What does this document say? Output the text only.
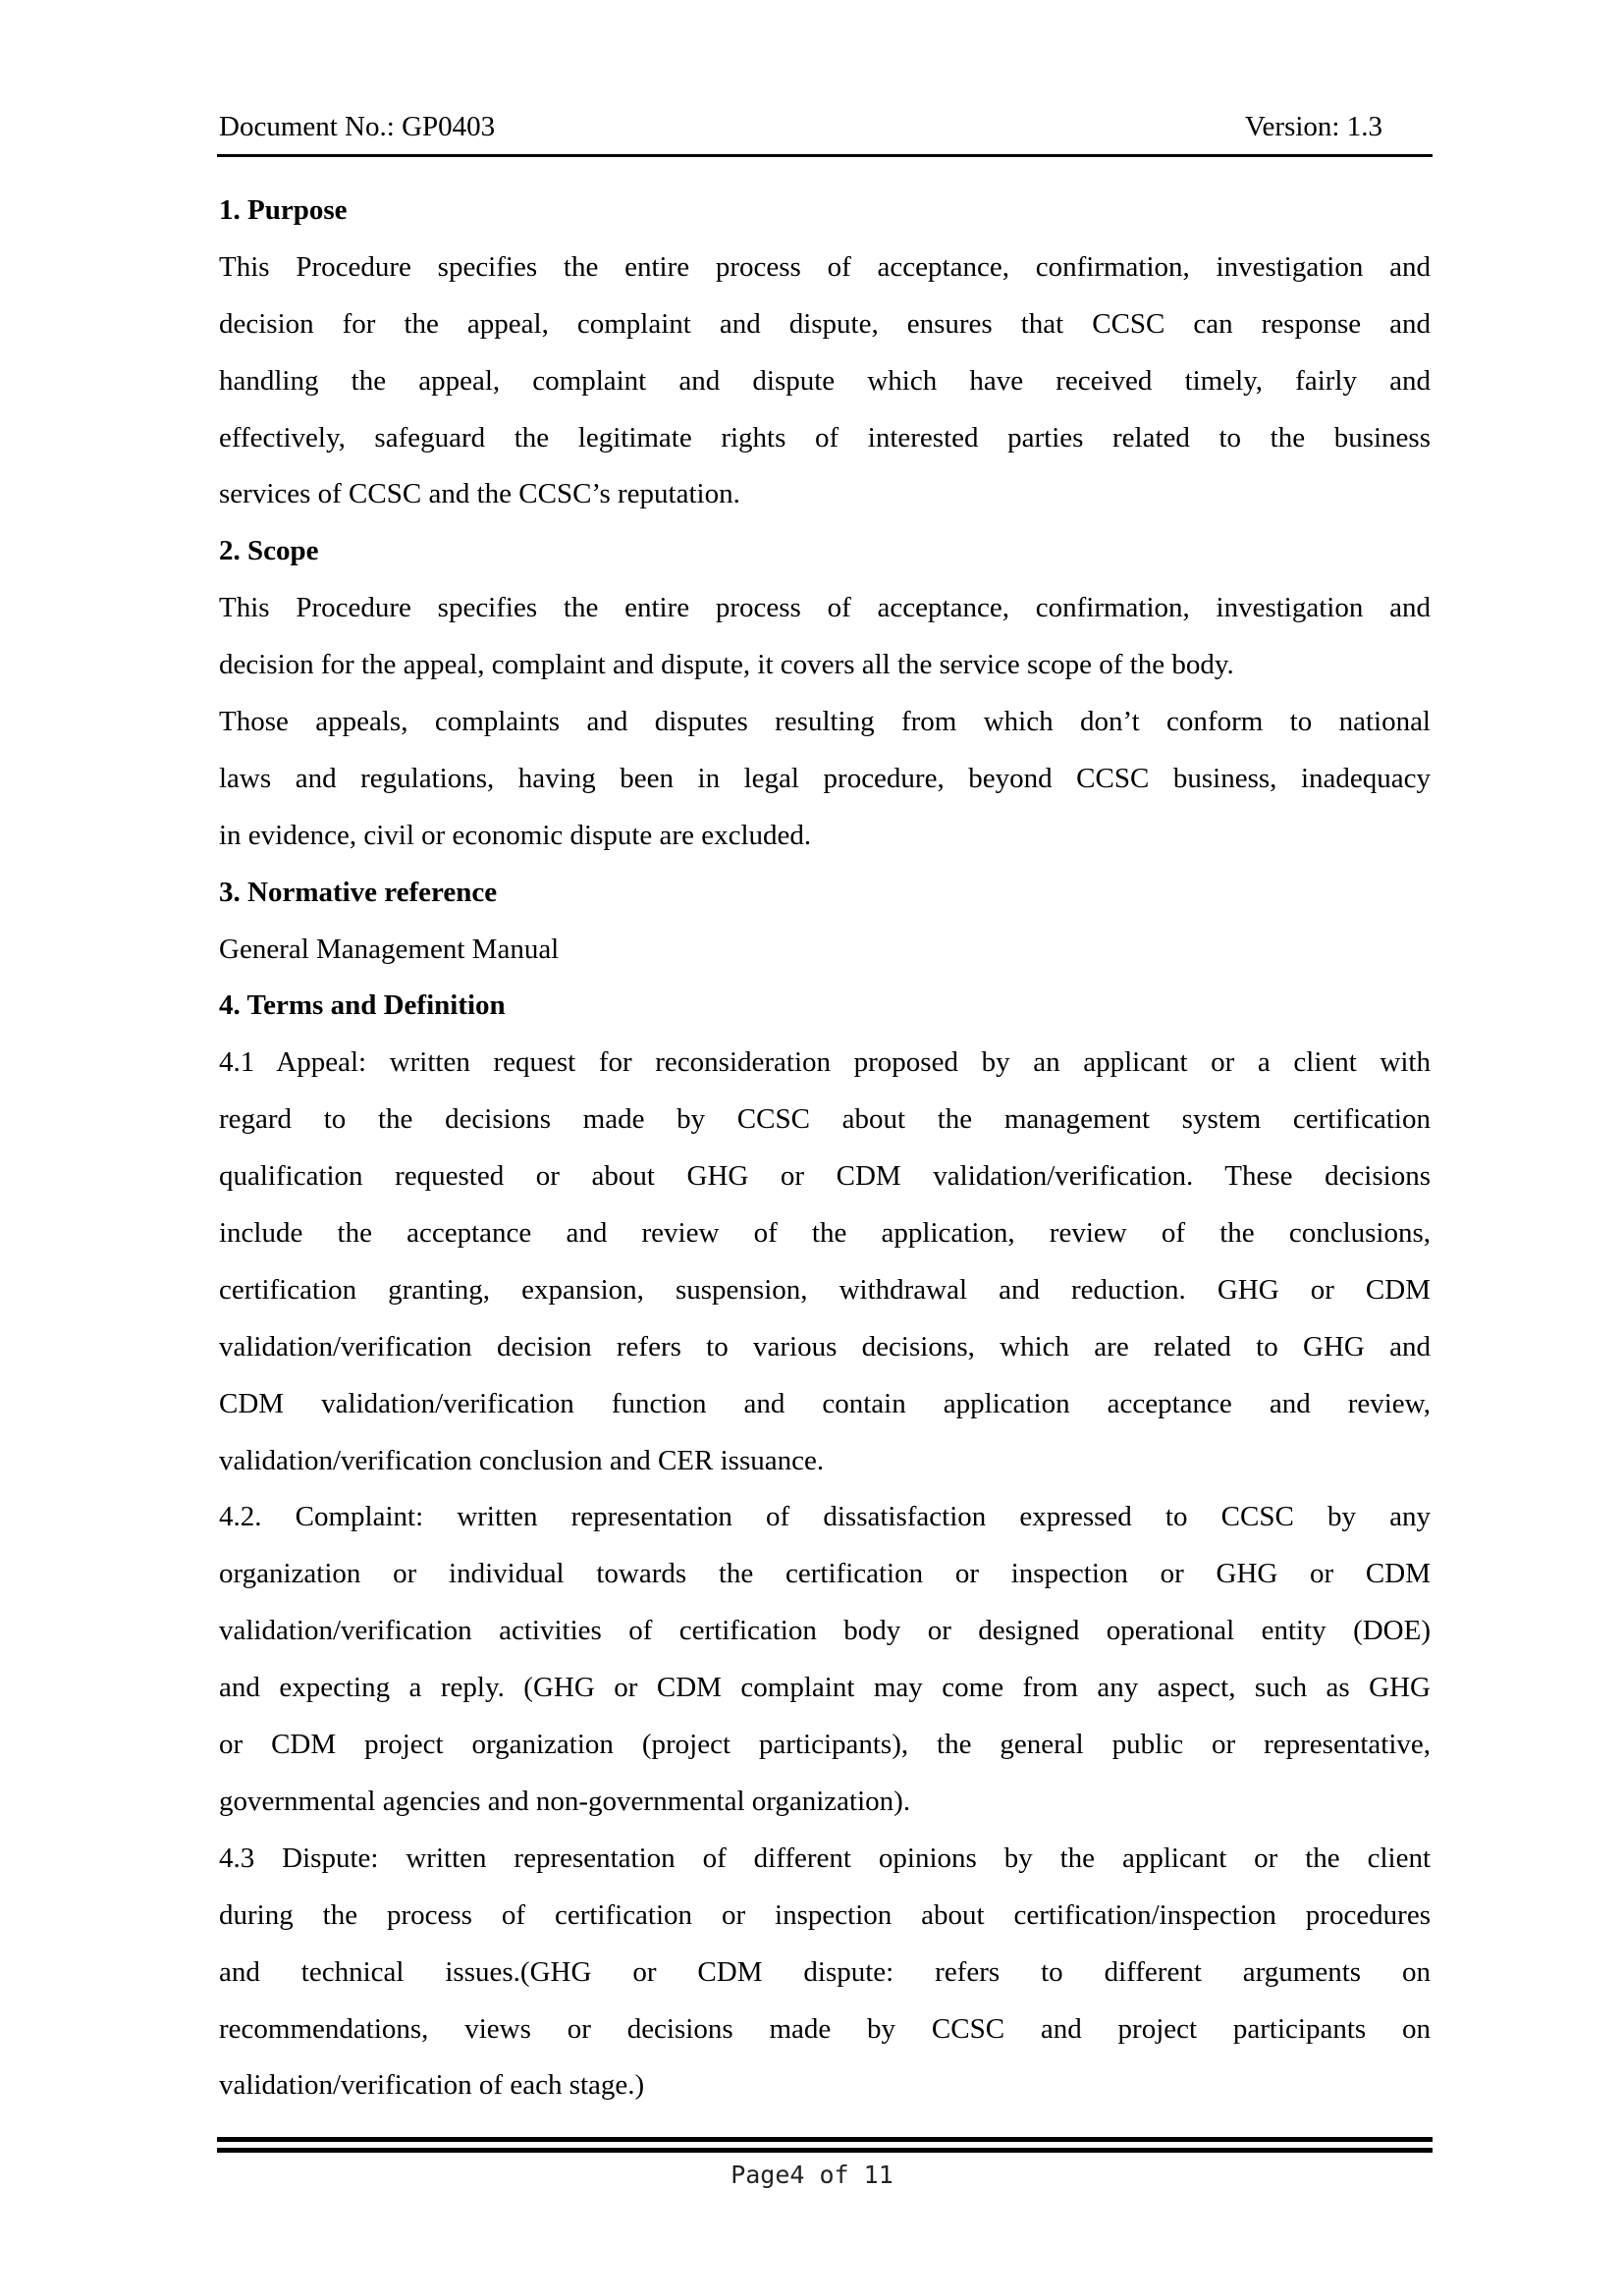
Document No.: GP0403	Version: 1.3
1. Purpose
This Procedure specifies the entire process of acceptance, confirmation, investigation and
decision for the appeal, complaint and dispute, ensures that CCSC can response and
handling the appeal, complaint and dispute which have received timely, fairly and
effectively, safeguard the legitimate rights of interested parties related to the business
services of CCSC and the CCSC’s reputation.
2. Scope
This Procedure specifies the entire process of acceptance, confirmation, investigation and
decision for the appeal, complaint and dispute, it covers all the service scope of the body.
Those appeals, complaints and disputes resulting from which don’t conform to national
laws and regulations, having been in legal procedure, beyond CCSC business, inadequacy
in evidence, civil or economic dispute are excluded.
3. Normative reference
General Management Manual
4. Terms and Definition
4.1 Appeal: written request for reconsideration proposed by an applicant or a client with
regard to the decisions made by CCSC about the management system certification
qualification requested or about GHG or CDM validation/verification. These decisions
include the acceptance and review of the application, review of the conclusions,
certification granting, expansion, suspension, withdrawal and reduction. GHG or CDM
validation/verification decision refers to various decisions, which are related to GHG and
CDM validation/verification function and contain application acceptance and review,
validation/verification conclusion and CER issuance.
4.2. Complaint: written representation of dissatisfaction expressed to CCSC by any
organization or individual towards the certification or inspection or GHG or CDM
validation/verification activities of certification body or designed operational entity (DOE)
and expecting a reply. (GHG or CDM complaint may come from any aspect, such as GHG
or CDM project organization (project participants), the general public or representative,
governmental agencies and non-governmental organization).
4.3 Dispute: written representation of different opinions by the applicant or the client
during the process of certification or inspection about certification/inspection procedures
and technical issues.(GHG or CDM dispute: refers to different arguments on
recommendations, views or decisions made by CCSC and project participants on
validation/verification of each stage.)
Page4 of 11
